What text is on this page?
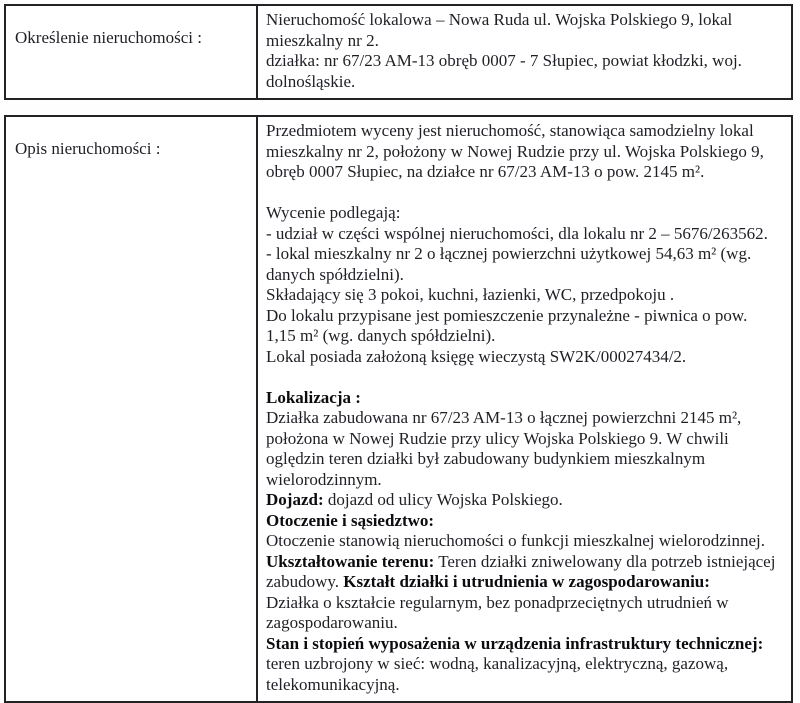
Określenie nieruchomości :

Nieruchomość lokalowa – Nowa Ruda ul. Wojska Polskiego 9, lokal mieszkalny nr 2.

działka: nr 67/23 AM-13 obręb 0007 - 7 Słupiec, powiat kłodzki, woj. dolnośląskie.

Opis nieruchomości :

Przedmiotem wyceny jest nieruchomość, stanowiąca samodzielny lokal mieszkalny nr 2, położony w Nowej Rudzie przy ul. Wojska Polskiego 9, obręb 0007 Słupiec, na działce nr 67/23 AM-13 o pow. 2145 m².

Wycenie podlegają:

- udział w części wspólnej nieruchomości, dla lokalu nr 2 – 5676/263562.

- lokal mieszkalny nr 2 o łącznej powierzchni użytkowej 54,63 m² (wg. danych spółdzielni).

Składający się 3 pokoi, kuchni, łazienki, WC, przedpokoju .

Do lokalu przypisane jest pomieszczenie przynależne - piwnica o pow. 1,15 m² (wg. danych spółdzielni).

Lokal posiada założoną księgę wieczystą SW2K/00027434/2.

Lokalizacja :

Działka zabudowana nr 67/23 AM-13 o łącznej powierzchni 2145 m², położona w Nowej Rudzie przy ulicy Wojska Polskiego 9. W chwili oględzin teren działki był zabudowany budynkiem mieszkalnym wielorodzinnym.

Dojazd: dojazd od ulicy Wojska Polskiego.

Otoczenie i sąsiedztwo:

Otoczenie stanowią nieruchomości o funkcji mieszkalnej wielorodzinnej.

Ukształtowanie terenu: Teren działki zniwelowany dla potrzeb istniejącej zabudowy. Kształt działki i utrudnienia w zagospodarowaniu:

Działka o kształcie regularnym, bez ponadprzeciętnych utrudnień w zagospodarowaniu.

Stan i stopień wyposażenia w urządzenia infrastruktury technicznej: teren uzbrojony w sieć: wodną, kanalizacyjną, elektryczną, gazową, telekomunikacyjną.
